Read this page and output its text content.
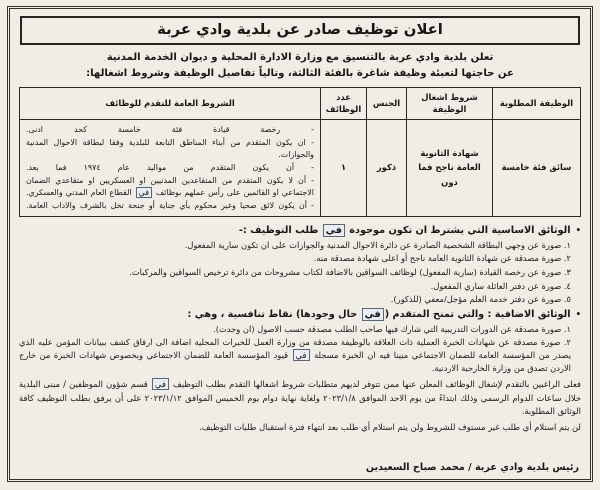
اعلان توظيف صادر عن بلدية وادي عربة
تعلن بلدية وادي عربة بالتنسيق مع وزارة الادارة المحلية و ديوان الخدمة المدنية
عن حاجتها لتعبئة وظيفة شاغرة بالفئة الثالثة، وتالياً تفاصيل الوظيفة وشروط اشغالها:
الوظيفة المطلوبة	شروط اشغال الوظيفة	الجنس	عدد الوظائف	الشروط العامة للتقدم للوظائف
سائق فئة خامسة	شهادة الثانوية العامة ناجح فما دون	ذكور	١	- رخصة قيادة فئة خامسة كحد ادنى.
- ان يكون المتقدم من أبناء المناطق التابعة للبلدية وفقا لبطاقة الاحوال المدنية والجوازات.
- أن يكون المتقدم من مواليد عام ١٩٧٤ فما بعد.
- أن لا يكون المتقدم من المتقاعدين المدنيين او العسكريين او متقاعدي الضمان الاجتماعي او القائمين على رأس عملهم بوظائف في القطاع العام المدني والعسكري.
- أن يكون لائق صحيا وغير محكوم بأي جناية أو جنحة تخل بالشرف والاداب العامة.
•
الوثائق الاساسية التي يشترط ان تكون موجودة في طلب التوظيف :-
١. صورة عن وجهي البطاقة الشخصية الصادرة عن دائرة الاحوال المدنية والجوازات على ان تكون سارية المفعول.
٢. صورة مصدقة عن شهادة الثانوية العامة ناجح أو اعلى شهادة مصدقة منه.
٣. صورة عن رخصة القيادة (سارية المفعول) لوظائف السواقين بالاضافة لكتاب مشروحات من دائرة ترخيص السواقين والمركبات.
٤. صورة عن دفتر العائلة ساري المفعول.
٥. صورة عن دفتر خدمة العلم مؤجل/معفي (للذكور).
•
الوثائق الاضافية : والتي تمنح المتقدم (في حال وجودها) نقاط تنافسية ، وهي :
١. صورة مصدقة عن الدورات التدريبية التي شارك فيها صاحب الطلب مصدقة حسب الاصول (ان وجدت).
٢. صورة مصدقة عن شهادات الخبرة العملية ذات العلاقة بالوظيفة مصدقة من وزارة العمل للخبرات المحلية اضافة الى ارفاق كشف ببيانات المؤمن عليه الذي يصدر من المؤسسة العامة للضمان الاجتماعي مبينا فيه ان الخبرة مسجلة في قيود المؤسسة العامة للضمان الاجتماعي وبخصوص شهادات الخبرة من خارج الاردن تصدق من وزارة الخارجية الاردنية.
فعلى الراغبين بالتقدم لإشغال الوظائف المعلن عنها ممن تتوفر لديهم متطلبات شروط اشغالها التقدم بطلب التوظيف في قسم شؤون الموظفين / مبنى البلدية خلال ساعات الدوام الرسمي وذلك ابتداءً من يوم الاحد الموافق ٢٠٢٣/١/٨ ولغاية نهاية دوام يوم الخميس الموافق ٢٠٢٣/١/١٢ على أن يرفق بطلب التوظيف كافة الوثائق المطلوبة.
لن يتم استلام أي طلب غير مستوف للشروط ولن يتم استلام أي طلب بعد انتهاء فترة استقبال طلبات التوظيف.
رئيس بلدية وادي عربة / محمد صباح السعيدين
